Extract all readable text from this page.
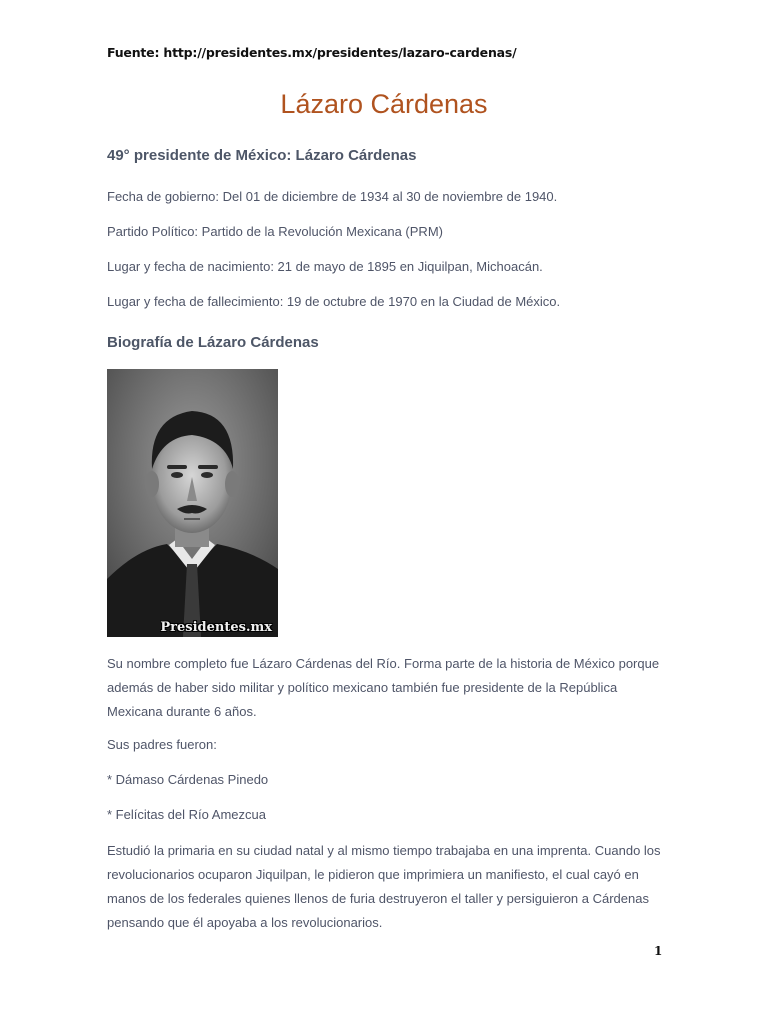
Fuente: http://presidentes.mx/presidentes/lazaro-cardenas/
Lázaro Cárdenas
49° presidente de México: Lázaro Cárdenas
Fecha de gobierno: Del 01 de diciembre de 1934 al 30 de noviembre de 1940.
Partido Político: Partido de la Revolución Mexicana (PRM)
Lugar y fecha de nacimiento: 21 de mayo de 1895 en Jiquilpan, Michoacán.
Lugar y fecha de fallecimiento: 19 de octubre de 1970 en la Ciudad de México.
Biografía de Lázaro Cárdenas
Presidentes.mx
Su nombre completo fue Lázaro Cárdenas del Río. Forma parte de la historia de México porque además de haber sido militar y político mexicano también fue presidente de la República Mexicana durante 6 años.
Sus padres fueron:
* Dámaso Cárdenas Pinedo
* Felícitas del Río Amezcua
Estudió la primaria en su ciudad natal y al mismo tiempo trabajaba en una imprenta. Cuando los revolucionarios ocuparon Jiquilpan, le pidieron que imprimiera un manifiesto, el cual cayó en manos de los federales quienes llenos de furia destruyeron el taller y persiguieron a Cárdenas pensando que él apoyaba a los revolucionarios.
1
